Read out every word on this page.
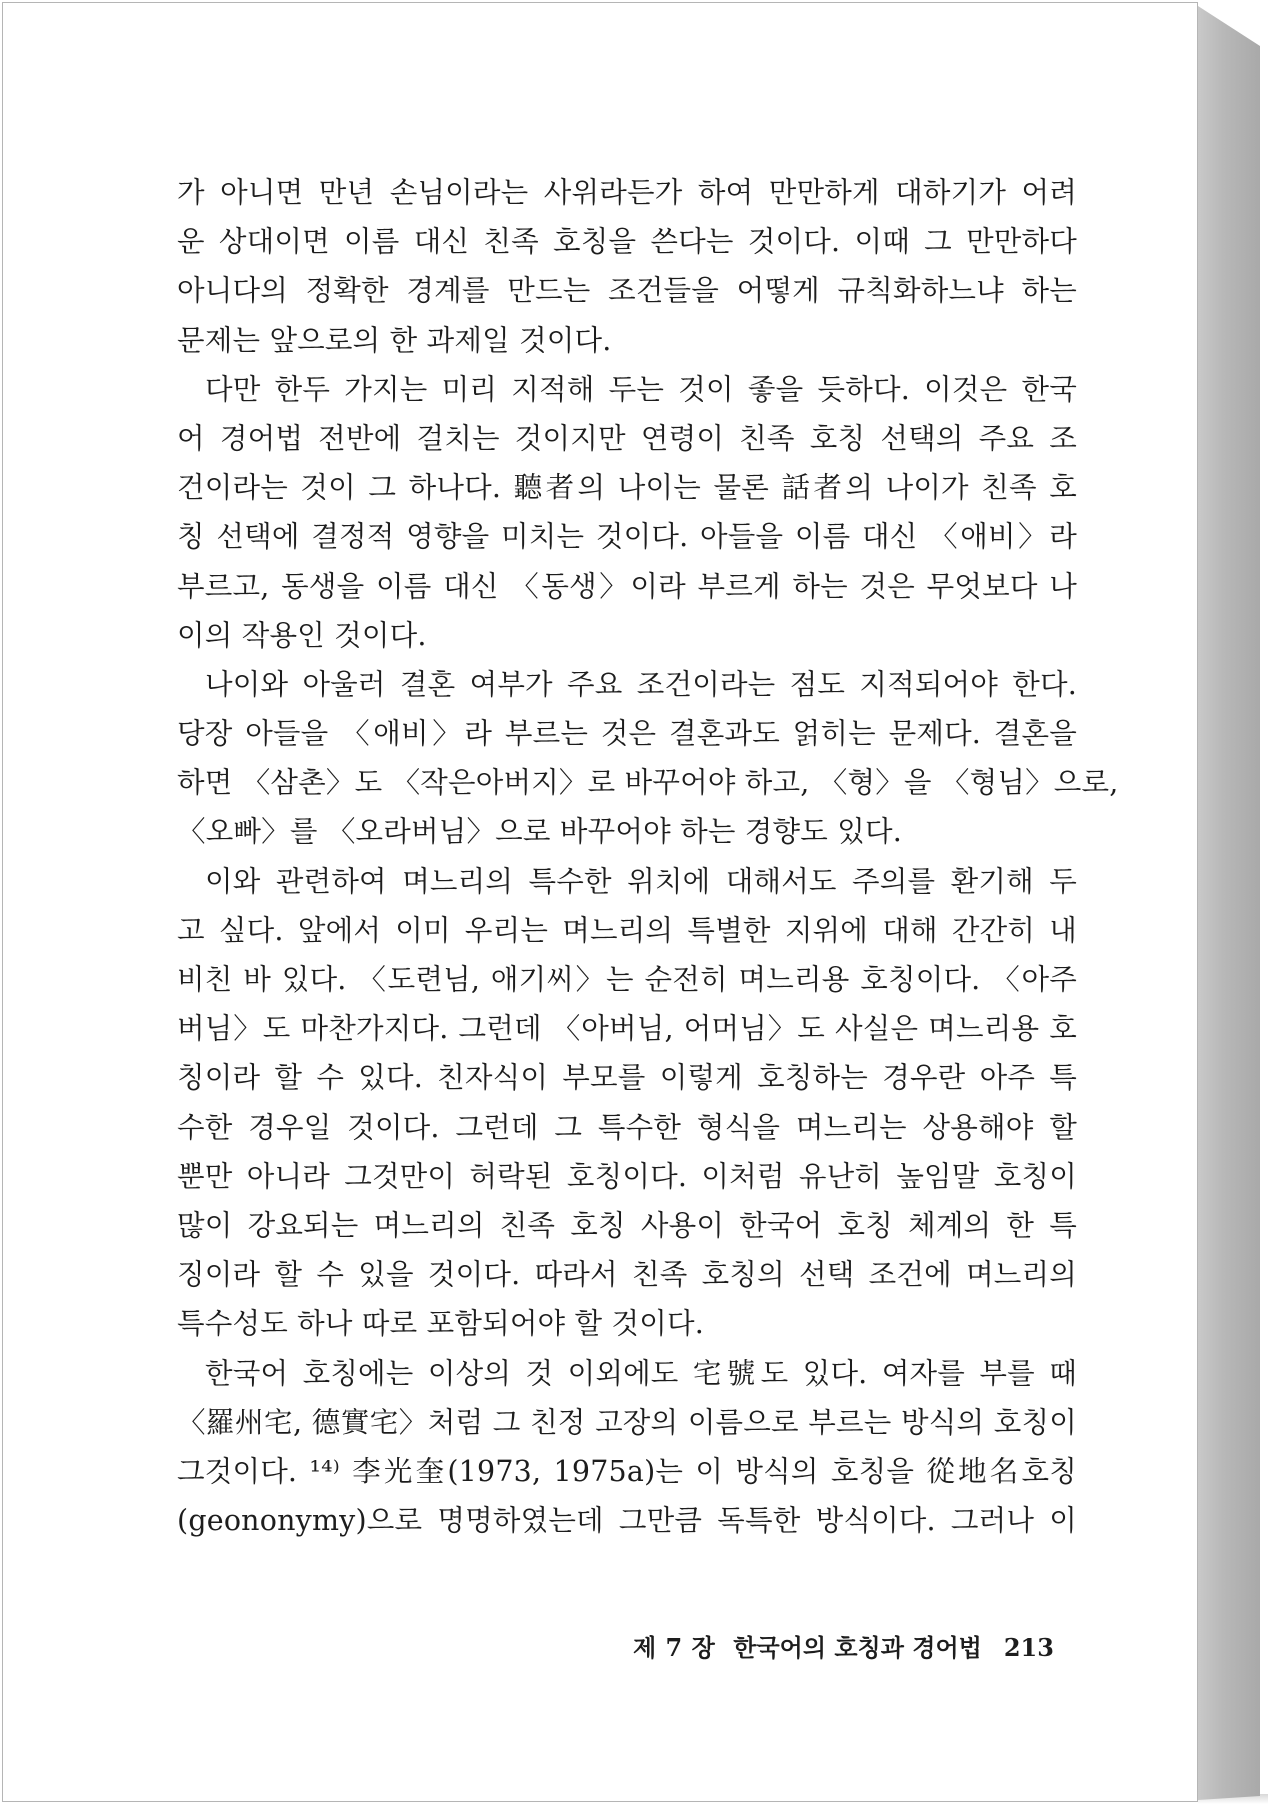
가 아니면 만년 손님이라는 사위라든가 하여 만만하게 대하기가 어려
운 상대이면 이름 대신 친족 호칭을 쓴다는 것이다. 이때 그 만만하다
아니다의 정확한 경계를 만드는 조건들을 어떻게 규칙화하느냐 하는
문제는 앞으로의 한 과제일 것이다.
다만 한두 가지는 미리 지적해 두는 것이 좋을 듯하다. 이것은 한국
어 경어법 전반에 걸치는 것이지만 연령이 친족 호칭 선택의 주요 조
건이라는 것이 그 하나다. 聽者의 나이는 물론 話者의 나이가 친족 호
칭 선택에 결정적 영향을 미치는 것이다. 아들을 이름 대신 〈애비〉라
부르고, 동생을 이름 대신 〈동생〉이라 부르게 하는 것은 무엇보다 나
이의 작용인 것이다.
나이와 아울러 결혼 여부가 주요 조건이라는 점도 지적되어야 한다.
당장 아들을 〈애비〉라 부르는 것은 결혼과도 얽히는 문제다. 결혼을
하면 〈삼촌〉도 〈작은아버지〉로 바꾸어야 하고, 〈형〉을 〈형님〉으로,
〈오빠〉를 〈오라버님〉으로 바꾸어야 하는 경향도 있다.
이와 관련하여 며느리의 특수한 위치에 대해서도 주의를 환기해 두
고 싶다. 앞에서 이미 우리는 며느리의 특별한 지위에 대해 간간히 내
비친 바 있다. 〈도련님, 애기씨〉는 순전히 며느리용 호칭이다. 〈아주
버님〉도 마찬가지다. 그런데 〈아버님, 어머님〉도 사실은 며느리용 호
칭이라 할 수 있다. 친자식이 부모를 이렇게 호칭하는 경우란 아주 특
수한 경우일 것이다. 그런데 그 특수한 형식을 며느리는 상용해야 할
뿐만 아니라 그것만이 허락된 호칭이다. 이처럼 유난히 높임말 호칭이
많이 강요되는 며느리의 친족 호칭 사용이 한국어 호칭 체계의 한 특
징이라 할 수 있을 것이다. 따라서 친족 호칭의 선택 조건에 며느리의
특수성도 하나 따로 포함되어야 할 것이다.
한국어 호칭에는 이상의 것 이외에도 宅號도 있다. 여자를 부를 때
〈羅州宅, 德實宅〉처럼 그 친정 고장의 이름으로 부르는 방식의 호칭이
그것이다. ¹⁴⁾ 李光奎(1973, 1975a)는 이 방식의 호칭을 從地名호칭
(geononymy)으로 명명하였는데 그만큼 독특한 방식이다. 그러나 이
제 7 장 한국어의 호칭과 경어법 213
